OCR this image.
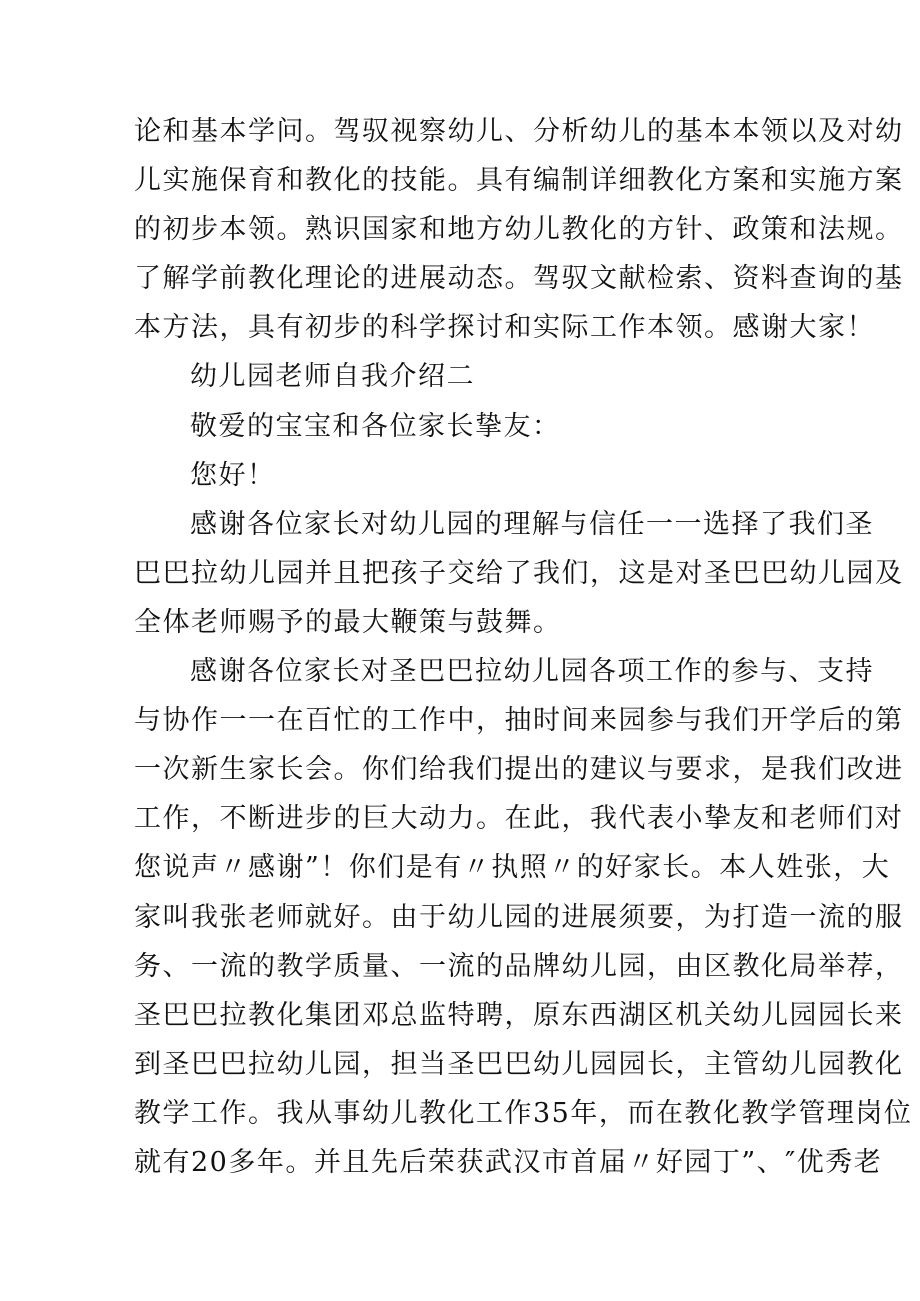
论和基本学问。驾驭视察幼儿、分析幼儿的基本本领以及对幼
儿实施保育和教化的技能。具有编制详细教化方案和实施方案
的初步本领。熟识国家和地方幼儿教化的方针、政策和法规。
了解学前教化理论的进展动态。驾驭文献检索、资料查询的基
本方法，具有初步的科学探讨和实际工作本领。感谢大家！
幼儿园老师自我介绍二
敬爱的宝宝和各位家长挚友：
您好！
感谢各位家长对幼儿园的理解与信任一一选择了我们圣
巴巴拉幼儿园并且把孩子交给了我们，这是对圣巴巴幼儿园及
全体老师赐予的最大鞭策与鼓舞。
感谢各位家长对圣巴巴拉幼儿园各项工作的参与、支持
与协作一一在百忙的工作中，抽时间来园参与我们开学后的第
一次新生家长会。你们给我们提出的建议与要求，是我们改进
工作，不断进步的巨大动力。在此，我代表小挚友和老师们对
您说声〃感谢”！你们是有〃执照〃的好家长。本人姓张，大
家叫我张老师就好。由于幼儿园的进展须要，为打造一流的服
务、一流的教学质量、一流的品牌幼儿园，由区教化局举荐，
圣巴巴拉教化集团邓总监特聘，原东西湖区机关幼儿园园长来
到圣巴巴拉幼儿园，担当圣巴巴幼儿园园长，主管幼儿园教化
教学工作。我从事幼儿教化工作35年，而在教化教学管理岗位
就有20多年。并且先后荣获武汉市首届〃好园丁”、″优秀老
